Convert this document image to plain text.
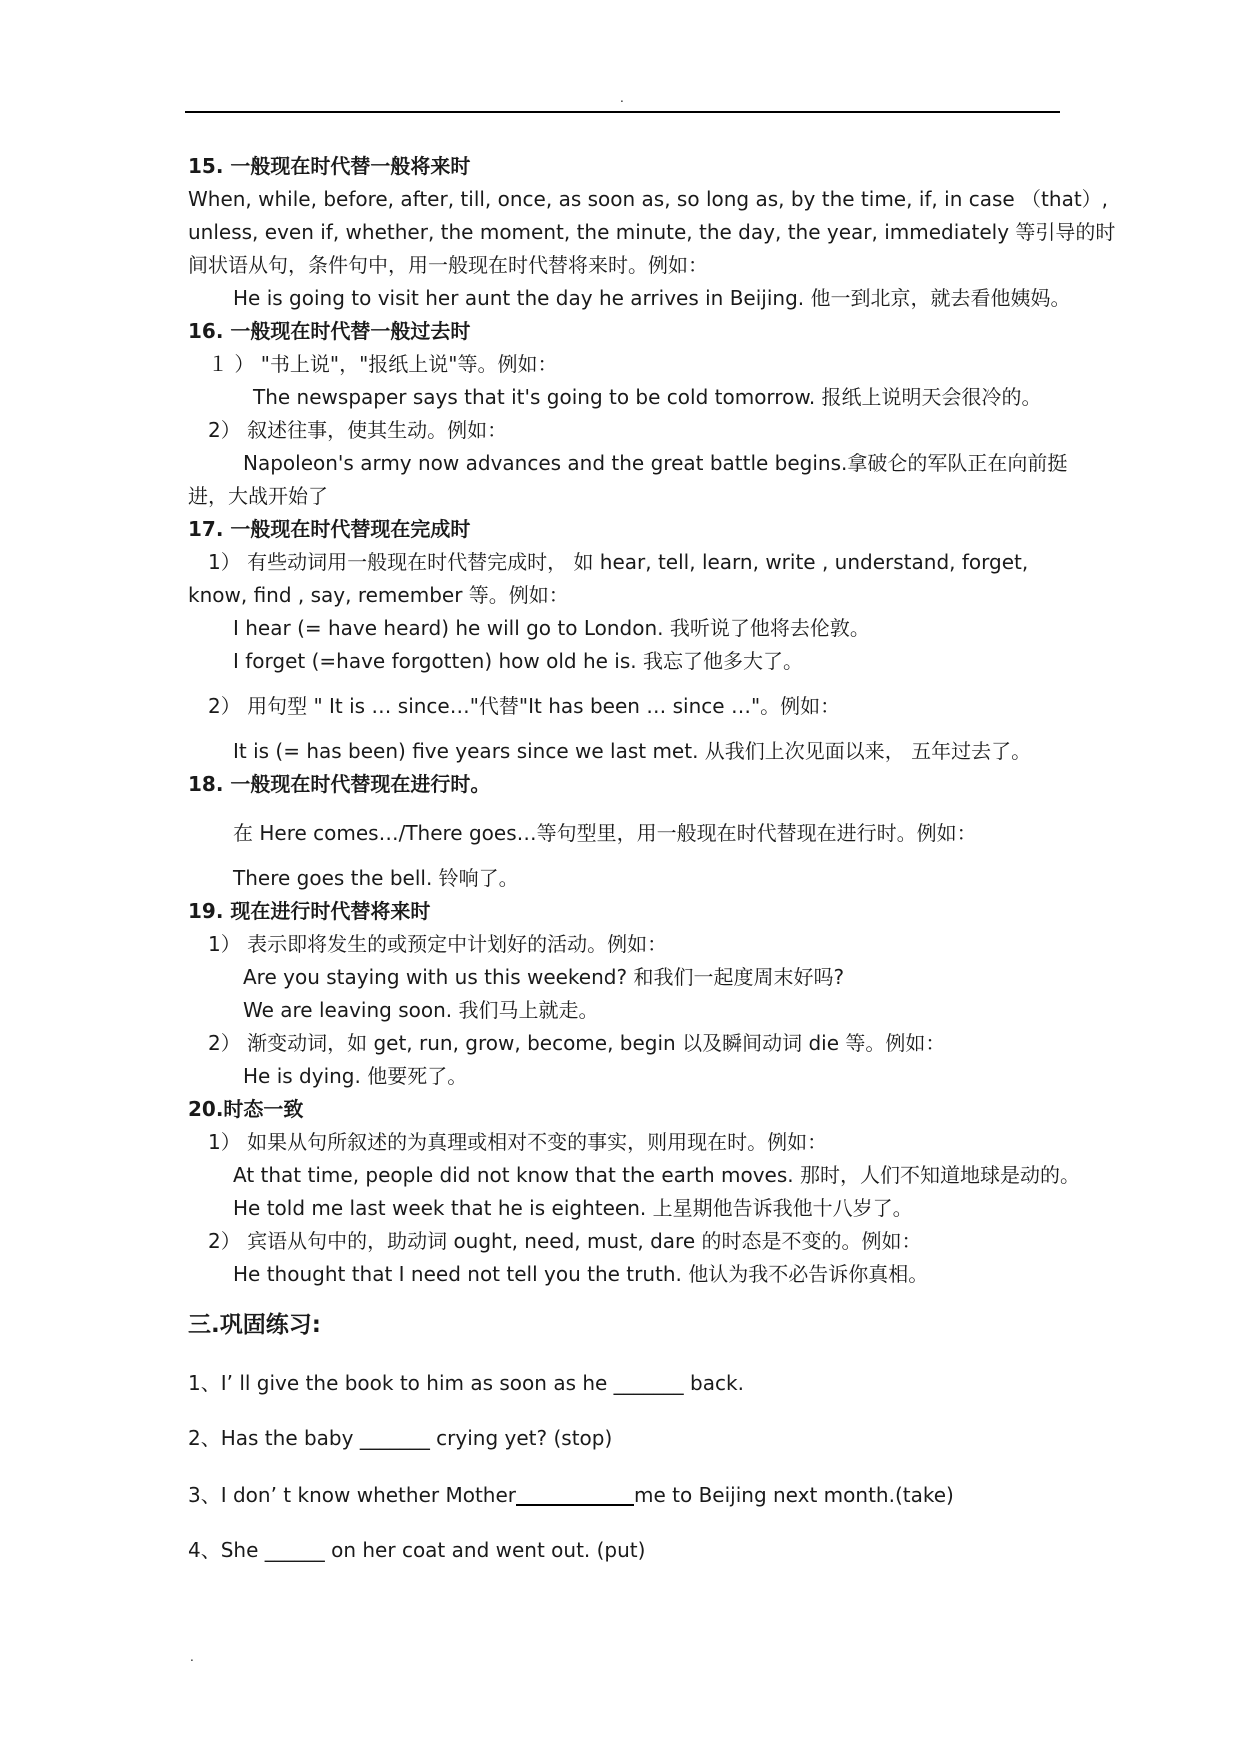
.
15. 一般现在时代替一般将来时
When, while, before, after, till, once, as soon as, so long as, by the time, if, in case （that）,
unless, even if, whether, the moment, the minute, the day, the year, immediately 等引导的时
间状语从句，条件句中，用一般现在时代替将来时。例如：
He is going to visit her aunt the day he arrives in Beijing. 他一到北京，就去看他姨妈。
16. 一般现在时代替一般过去时
１ ） "书上说"，"报纸上说"等。例如：
The newspaper says that it's going to be cold tomorrow. 报纸上说明天会很冷的。
2） 叙述往事，使其生动。例如：
Napoleon's army now advances and the great battle begins.拿破仑的军队正在向前挺
进，大战开始了
17. 一般现在时代替现在完成时
1） 有些动词用一般现在时代替完成时， 如 hear, tell, learn, write , understand, forget,
know, find , say, remember 等。例如：
I hear (= have heard) he will go to London. 我听说了他将去伦敦。
I forget (=have forgotten) how old he is. 我忘了他多大了。
2） 用句型 " It is … since…"代替"It has been … since …"。例如：
It is (= has been) five years since we last met. 从我们上次见面以来， 五年过去了。
18. 一般现在时代替现在进行时。
在 Here comes…/There goes…等句型里，用一般现在时代替现在进行时。例如：
There goes the bell. 铃响了。
19. 现在进行时代替将来时
1） 表示即将发生的或预定中计划好的活动。例如：
Are you staying with us this weekend? 和我们一起度周末好吗?
We are leaving soon. 我们马上就走。
2） 渐变动词，如 get, run, grow, become, begin 以及瞬间动词 die 等。例如：
He is dying. 他要死了。
20.时态一致
1） 如果从句所叙述的为真理或相对不变的事实，则用现在时。例如：
At that time, people did not know that the earth moves. 那时，人们不知道地球是动的。
He told me last week that he is eighteen. 上星期他告诉我他十八岁了。
2） 宾语从句中的，助动词 ought, need, must, dare 的时态是不变的。例如：
He thought that I need not tell you the truth. 他认为我不必告诉你真相。
三.巩固练习:
1、I’ ll give the book to him as soon as he _______ back.
2、Has the baby _______ crying yet? (stop)
3、I don’ t know whether Mother	me to Beijing next month.(take)
4、She ______ on her coat and went out. (put)
.
